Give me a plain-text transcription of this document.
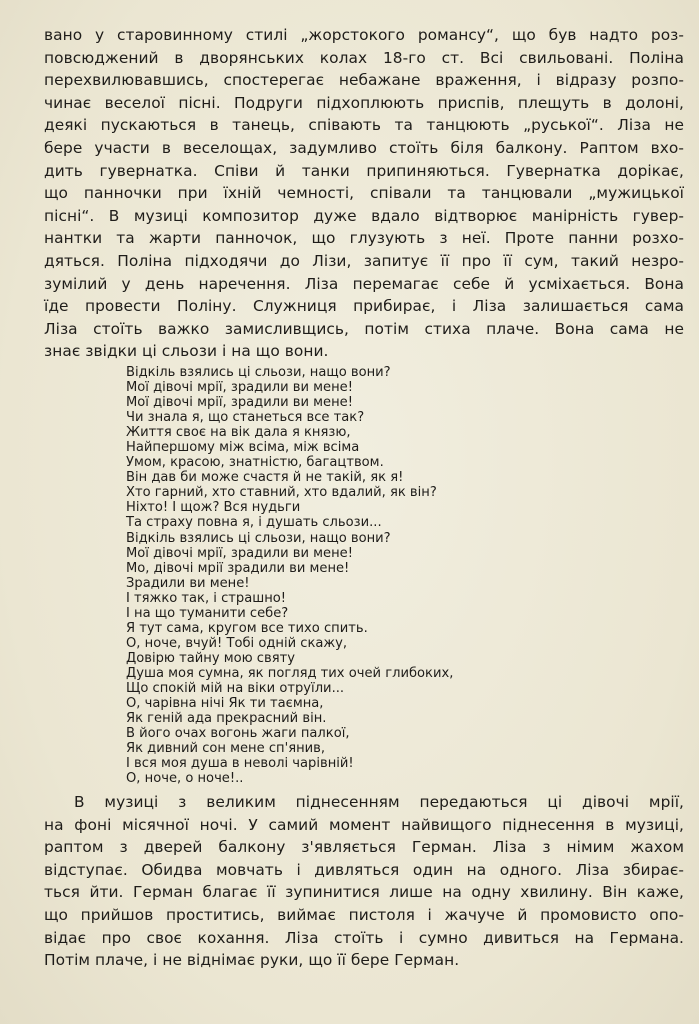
вано у старовинному стилі „жорстокого романсу“, що був надто роз-
повсюджений в дворянських колах 18-го ст. Всі свильовані. Поліна
перехвилювавшись, спостерегає небажане враження, і відразу розпо-
чинає веселої пісні. Подруги підхоплюють приспів, плещуть в долоні,
деякі пускаються в танець, співають та танцюють „руської“. Ліза не
бере участи в веселощах, задумливо стоїть біля балкону. Раптом вхо-
дить гувернатка. Співи й танки припиняються. Гувернатка дорікає,
що панночки при їхній чемності, співали та танцювали „мужицької
пісні“. В музиці композитор дуже вдало відтворює манірність гувер-
нантки та жарти панночок, що глузують з неї. Проте панни розхо-
дяться. Поліна підходячи до Лізи, запитує її про її сум, такий незро-
зумілий у день наречення. Ліза перемагає себе й усміхається. Вона
їде провести Поліну. Служниця прибирає, і Ліза залишається сама
Ліза стоїть важко замисливщись, потім стиха плаче. Вона сама не
знає звідки ці сльози і на що вони.
Відкіль взялись ці сльози, нащо вони?
Мої дівочі мрії, зрадили ви мене!
Мої дівочі мрії, зрадили ви мене!
Чи знала я, що станеться все так?
Життя своє на вік дала я князю,
Найпершому між всіма, між всіма
Умом, красою, знатністю, багацтвом.
Він дав би може счастя й не такій, як я!
Хто гарний, хто ставний, хто вдалий, як він?
Ніхто! І щож? Вся нудьги
Та страху повна я, і душать сльози...
Відкіль взялись ці сльози, нащо вони?
Мої дівочі мрії, зрадили ви мене!
Мо, дівочі мрії зрадили ви мене!
Зрадили ви мене!
І тяжко так, і страшно!
І на що туманити себе?
Я тут сама, кругом все тихо спить.
О, ноче, вчуй! Тобі одній скажу,
Довірю тайну мою святу
Душа моя сумна, як погляд тих очей глибоких,
Що спокій мій на віки отруїли...
О, чарівна нічі Як ти таємна,
Як геній ада прекрасний він.
В його очах вогонь жаги палкої,
Як дивний сон мене сп'янив,
І вся моя душа в неволі чарівній!
О, ноче, о ноче!..
В музиці з великим піднесенням передаються ці дівочі мрії,
на фоні місячної ночі. У самий момент найвищого піднесення в музиці,
раптом з дверей балкону з'являється Герман. Ліза з німим жахом
відступає. Обидва мовчать і дивляться один на одного. Ліза збирає-
ться йти. Герман благає її зупинитися лише на одну хвилину. Він каже,
що прийшов проститись, виймає пистоля і жачуче й промовисто опо-
відає про своє кохання. Ліза стоїть і сумно дивиться на Германа.
Потім плаче, і не віднімає руки, що її бере Герман.
